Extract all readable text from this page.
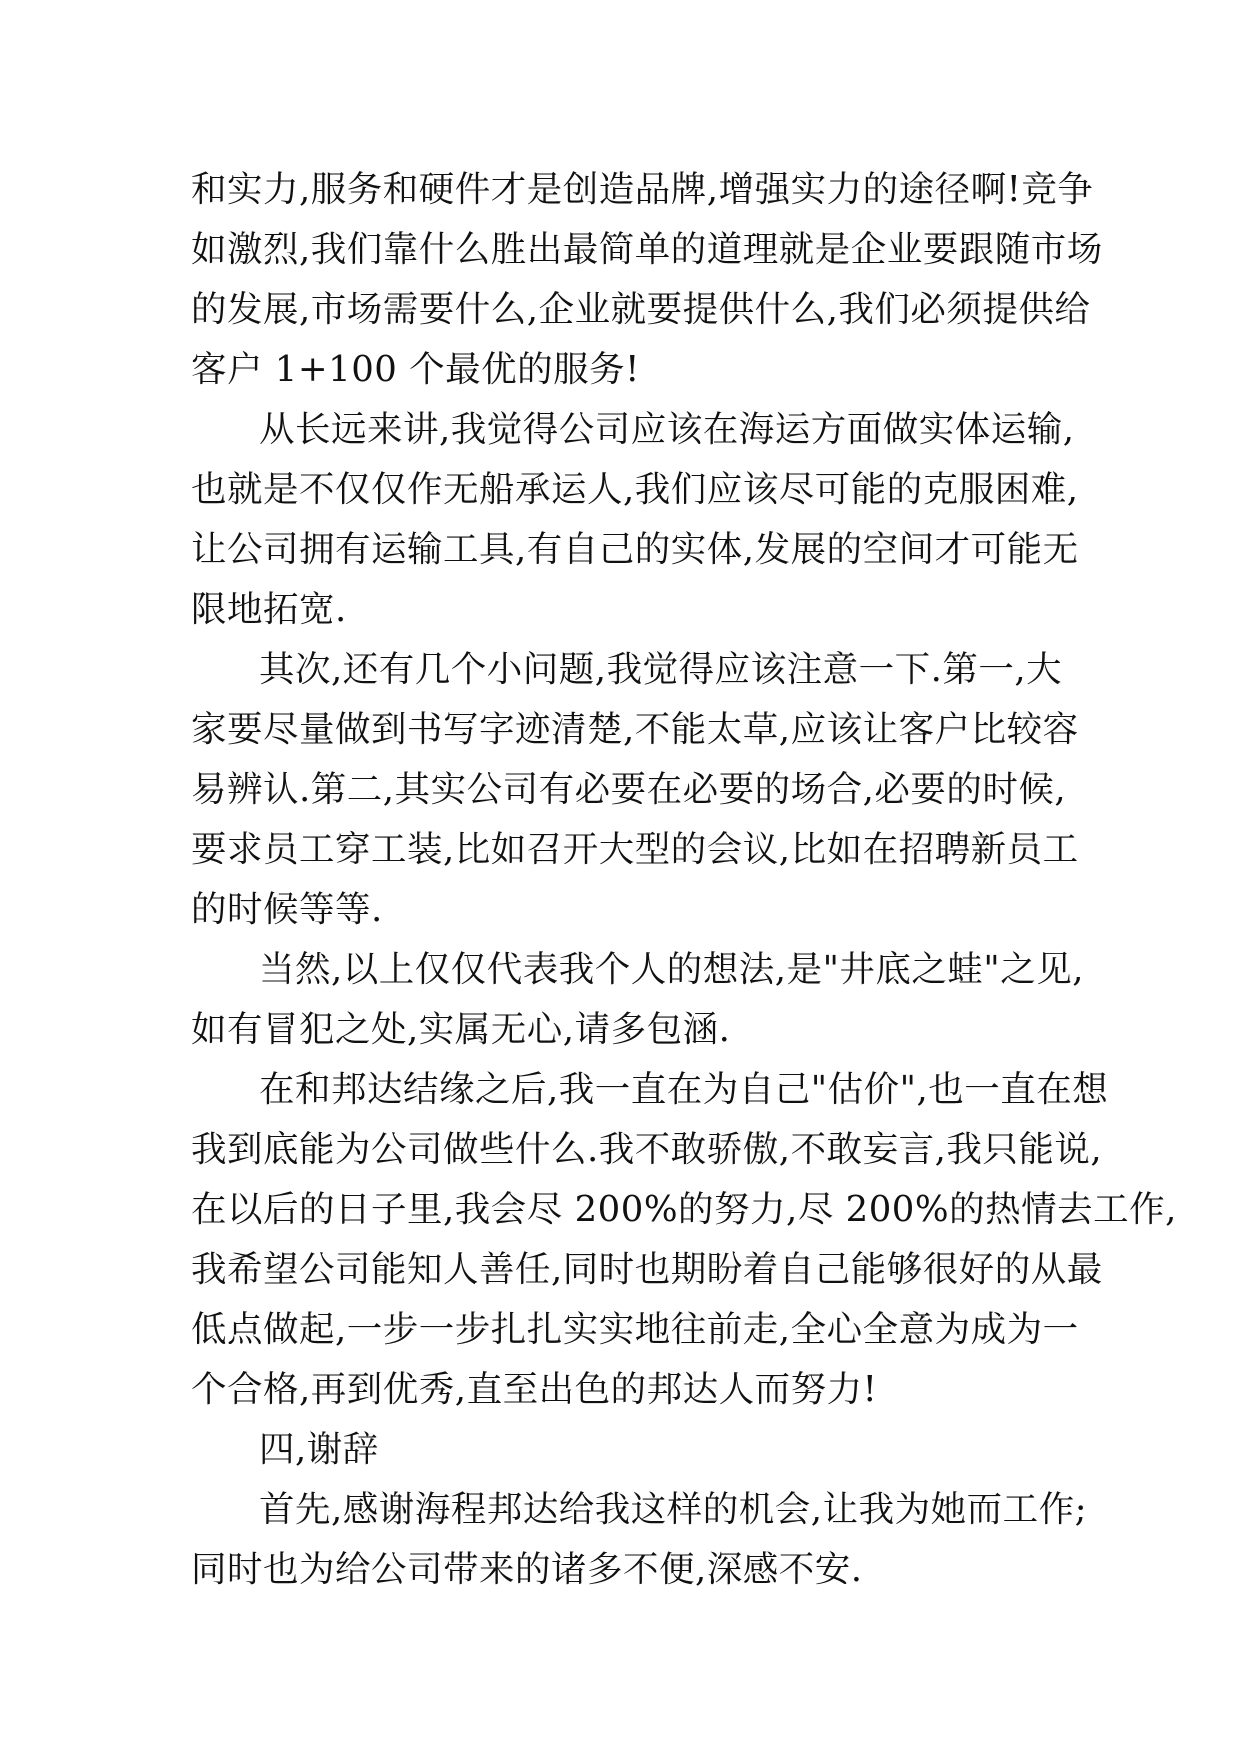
和实力,服务和硬件才是创造品牌,增强实力的途径啊!竞争
如激烈,我们靠什么胜出最简单的道理就是企业要跟随市场
的发展,市场需要什么,企业就要提供什么,我们必须提供给
客户 1+100 个最优的服务!
从长远来讲,我觉得公司应该在海运方面做实体运输,
也就是不仅仅作无船承运人,我们应该尽可能的克服困难,
让公司拥有运输工具,有自己的实体,发展的空间才可能无
限地拓宽.
其次,还有几个小问题,我觉得应该注意一下.第一,大
家要尽量做到书写字迹清楚,不能太草,应该让客户比较容
易辨认.第二,其实公司有必要在必要的场合,必要的时候,
要求员工穿工装,比如召开大型的会议,比如在招聘新员工
的时候等等.
当然,以上仅仅代表我个人的想法,是"井底之蛙"之见,
如有冒犯之处,实属无心,请多包涵.
在和邦达结缘之后,我一直在为自己"估价",也一直在想
我到底能为公司做些什么.我不敢骄傲,不敢妄言,我只能说,
在以后的日子里,我会尽 200%的努力,尽 200%的热情去工作,
我希望公司能知人善任,同时也期盼着自己能够很好的从最
低点做起,一步一步扎扎实实地往前走,全心全意为成为一
个合格,再到优秀,直至出色的邦达人而努力!
四,谢辞
首先,感谢海程邦达给我这样的机会,让我为她而工作;
同时也为给公司带来的诸多不便,深感不安.
